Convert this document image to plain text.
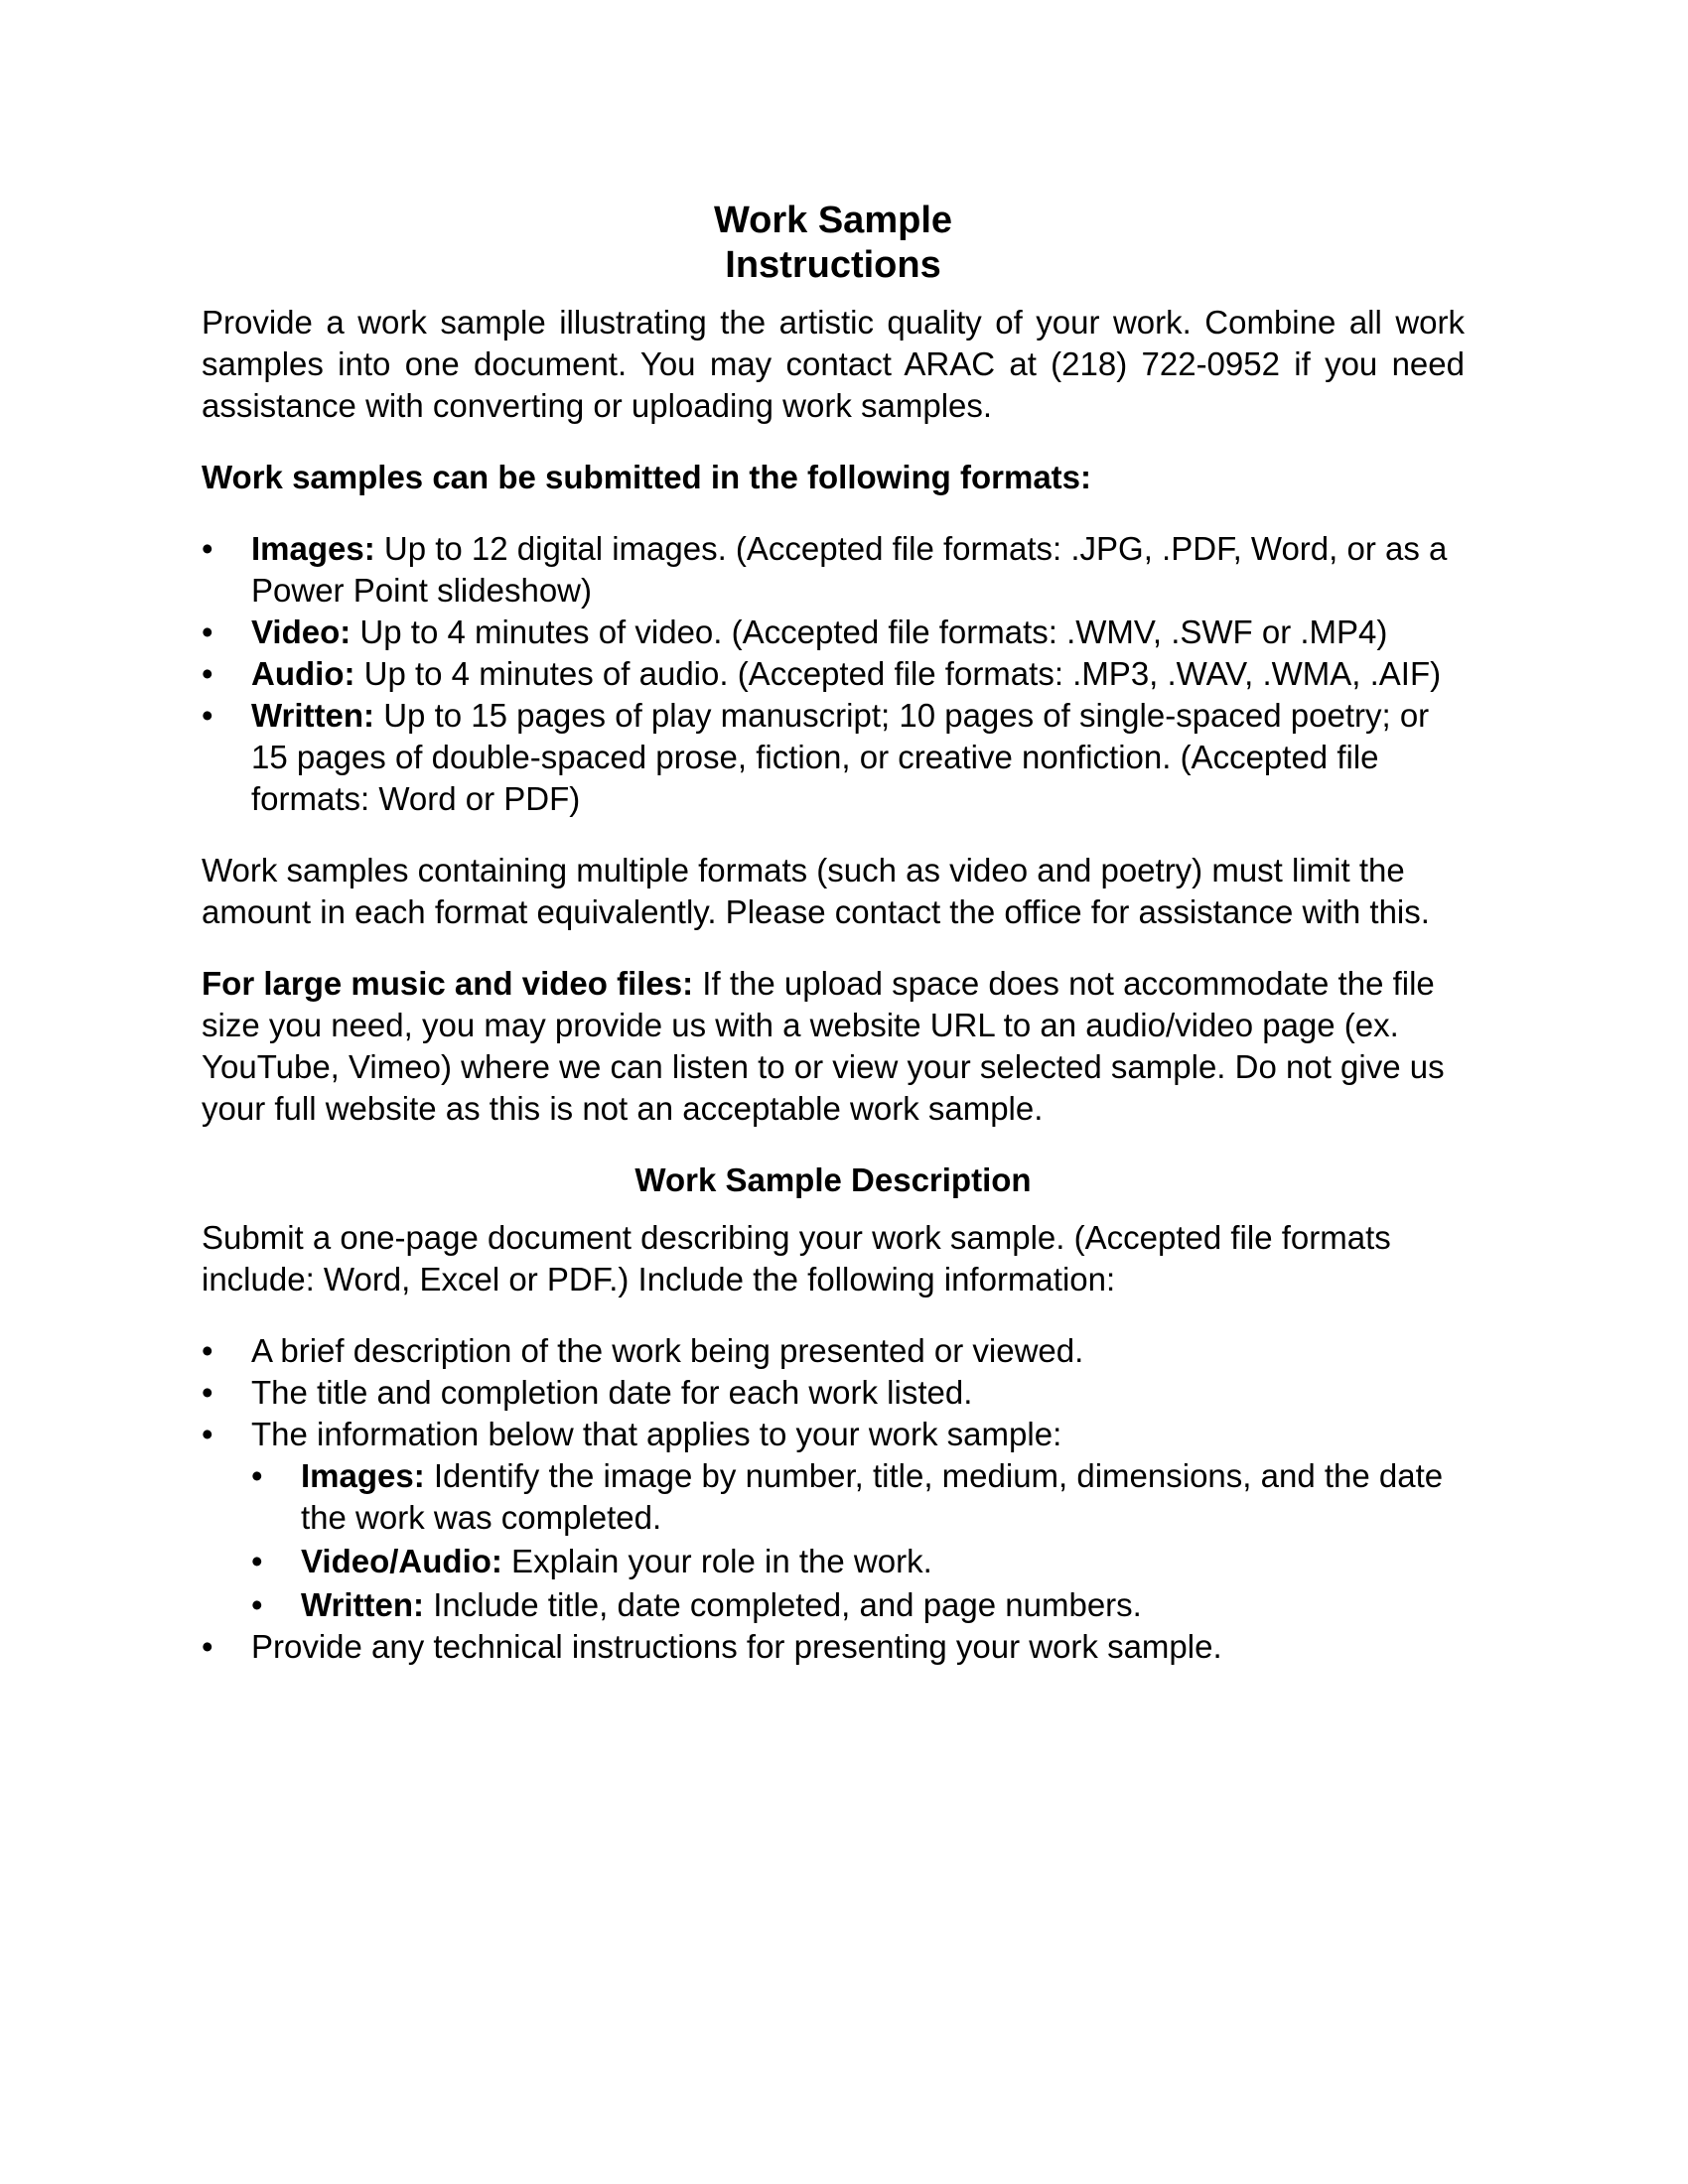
Work Sample
Instructions

Provide a work sample illustrating the artistic quality of your work. Combine all work samples into one document. You may contact ARAC at (218) 722-0952 if you need assistance with converting or uploading work samples.

Work samples can be submitted in the following formats:

• Images: Up to 12 digital images. (Accepted file formats: .JPG, .PDF, Word, or as a Power Point slideshow)
• Video: Up to 4 minutes of video. (Accepted file formats: .WMV, .SWF or .MP4)
• Audio: Up to 4 minutes of audio. (Accepted file formats: .MP3, .WAV, .WMA, .AIF)
• Written: Up to 15 pages of play manuscript; 10 pages of single-spaced poetry; or 15 pages of double-spaced prose, fiction, or creative nonfiction. (Accepted file formats: Word or PDF)

Work samples containing multiple formats (such as video and poetry) must limit the amount in each format equivalently. Please contact the office for assistance with this.

For large music and video files: If the upload space does not accommodate the file size you need, you may provide us with a website URL to an audio/video page (ex. YouTube, Vimeo) where we can listen to or view your selected sample. Do not give us your full website as this is not an acceptable work sample.

Work Sample Description

Submit a one-page document describing your work sample. (Accepted file formats include: Word, Excel or PDF.) Include the following information:

• A brief description of the work being presented or viewed.
• The title and completion date for each work listed.
• The information below that applies to your work sample:
• Images: Identify the image by number, title, medium, dimensions, and the date the work was completed.
• Video/Audio: Explain your role in the work.
• Written: Include title, date completed, and page numbers.
• Provide any technical instructions for presenting your work sample.
